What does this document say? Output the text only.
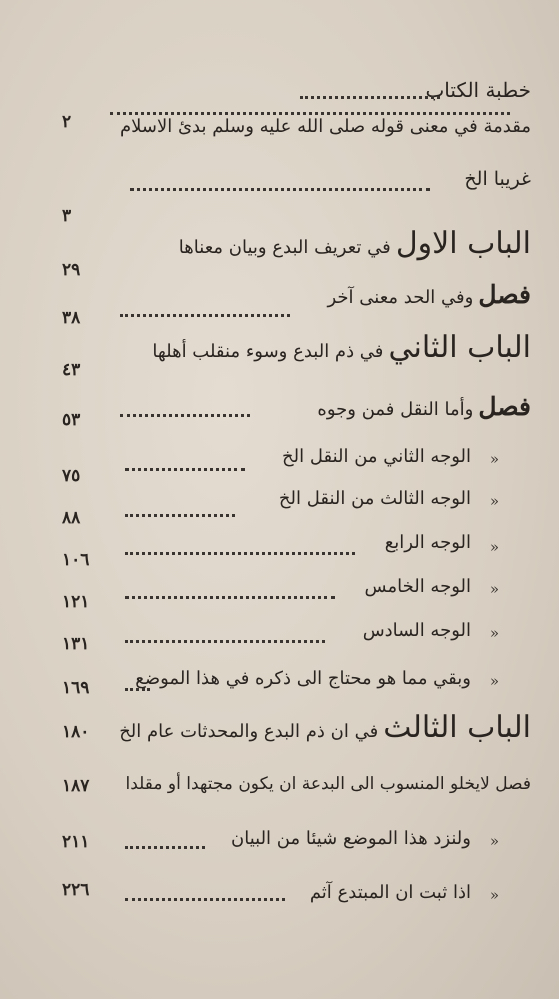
خطبة الكتاب
مقدمة في معنى قوله صلى الله عليه وسلم بدئ الاسلام
٢
غريبا الخ
٣
الباب الاول في تعريف البدع وبيان معناها
٢٩
فصل وفي الحد معنى آخر
٣٨
الباب الثاني في ذم البدع وسوء منقلب أهلها
٤٣
فصل وأما النقل فمن وجوه
٥٣
«
الوجه الثاني من النقل الخ
٧٥
«
الوجه الثالث من النقل الخ
٨٨
«
الوجه الرابع
١٠٦
«
الوجه الخامس
١٢١
«
الوجه السادس
١٣١
«
وبقي مما هو محتاج الى ذكره في هذا الموضع
١٦٩
الباب الثالث في ان ذم البدع والمحدثات عام الخ
١٨٠
فصل لايخلو المنسوب الى البدعة ان يكون مجتهدا أو مقلدا
١٨٧
«
ولنزد هذا الموضع شيئا من البيان
٢١١
«
اذا ثبت ان المبتدع آثم
٢٢٦
